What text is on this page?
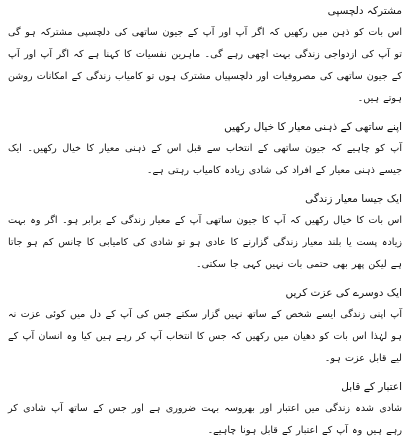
مشترکہ دلچسپی

اس بات کو ذہن میں رکھیں کہ اگر آپ اور آپ کے جیون ساتھی کی دلچسپی مشترکہ ہو گی تو آپ کی ازدواجی زندگی بہت اچھی رہے گی۔ ماہرین نفسیات کا کہنا ہے کہ اگر آپ اور آپ کے جیون ساتھی کی مصروفیات اور دلچسپیاں مشترک ہوں تو کامیاب زندگی کے امکانات روشن ہوتے ہیں۔

اپنے ساتھی کے ذہنی معیار کا خیال رکھیں

آپ کو چاہیے کہ جیون ساتھی کے انتخاب سے قبل اس کے ذہنی معیار کا خیال رکھیں۔ ایک جیسے ذہنی معیار کے افراد کی شادی زیادہ کامیاب رہتی ہے۔

ایک جیسا معیار زندگی

اس بات کا خیال رکھیں کہ آپ کا جیون ساتھی آپ کے معیار زندگی کے برابر ہو۔ اگر وہ بہت زیادہ پست یا بلند معیار زندگی گزارنے کا عادی ہو تو شادی کی کامیابی کا چانس کم ہو جاتا ہے لیکن پھر بھی حتمی بات نہیں کہی جا سکتی۔

ایک دوسرے کی عزت کریں

آپ اپنی زندگی ایسے شخص کے ساتھ نہیں گزار سکتے جس کی آپ کے دل میں کوئی عزت نہ ہو لہٰذا اس بات کو دھیان میں رکھیں کہ جس کا انتخاب آپ کر رہے ہیں کیا وہ انسان آپ کے لیے قابل عزت ہو۔

اعتبار کے قابل

شادی شدہ زندگی میں اعتبار اور بھروسہ بہت ضروری ہے اور جس کے ساتھ آپ شادی کر رہے ہیں وہ آپ کے اعتبار کے قابل ہونا چاہیے۔
